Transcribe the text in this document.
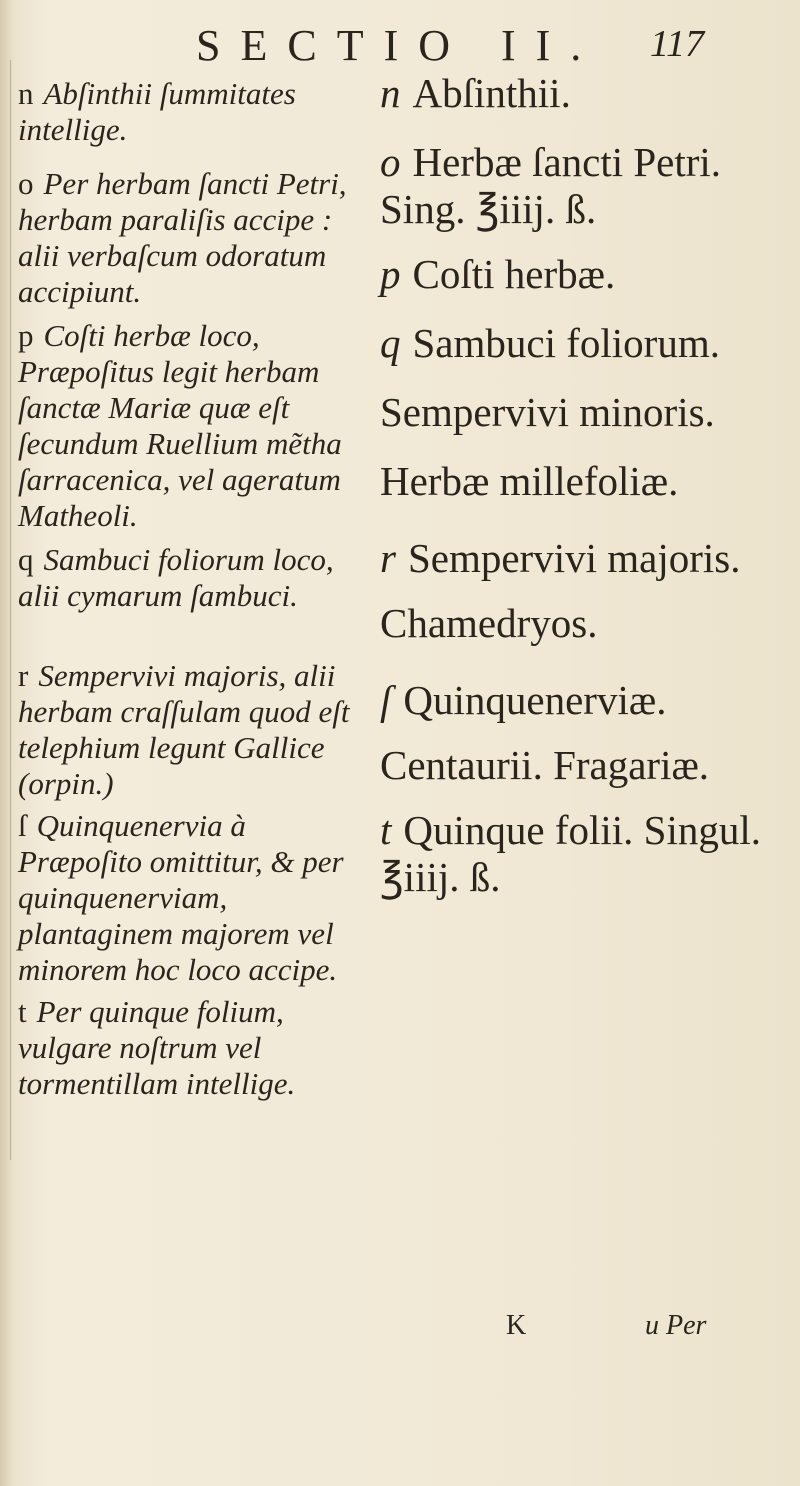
SECTIO II. 117
n Abſinthii ſummitates intellige.
o Per herbam ſancti Petri, herbam paraliſis accipe : alii verbaſcum odoratum accipiunt.
p Coſti herbæ loco, Præpoſitus legit herbam ſanctæ Mariæ quæ eſt ſecundum Ruellium mẽtha ſarracenica, vel ageratum Matheoli.
q Sambuci foliorum loco, alii cymarum ſambuci.
r Sempervivi majoris, alii herbam craſſulam quod eſt telephium legunt Gallice (orpin.)
ſ Quinquenervia à Præpoſito omittitur, & per quinquenerviam, plantaginem majorem vel minorem hoc loco accipe.
t Per quinque folium, vulgare noſtrum vel tormentillam intellige.
n Abſinthii.
o Herbæ ſancti Petri. Sing. ℥iiij. ß.
p Coſti herbæ.
q Sambuci foliorum.
Sempervivi minoris.
Herbæ millefoliæ.
r Sempervivi majoris.
Chamedryos.
ſ Quinquenerviæ.
Centaurii. Fragariæ.
t Quinque folii. Singul. ℥iiij. ß.
K	u Per
